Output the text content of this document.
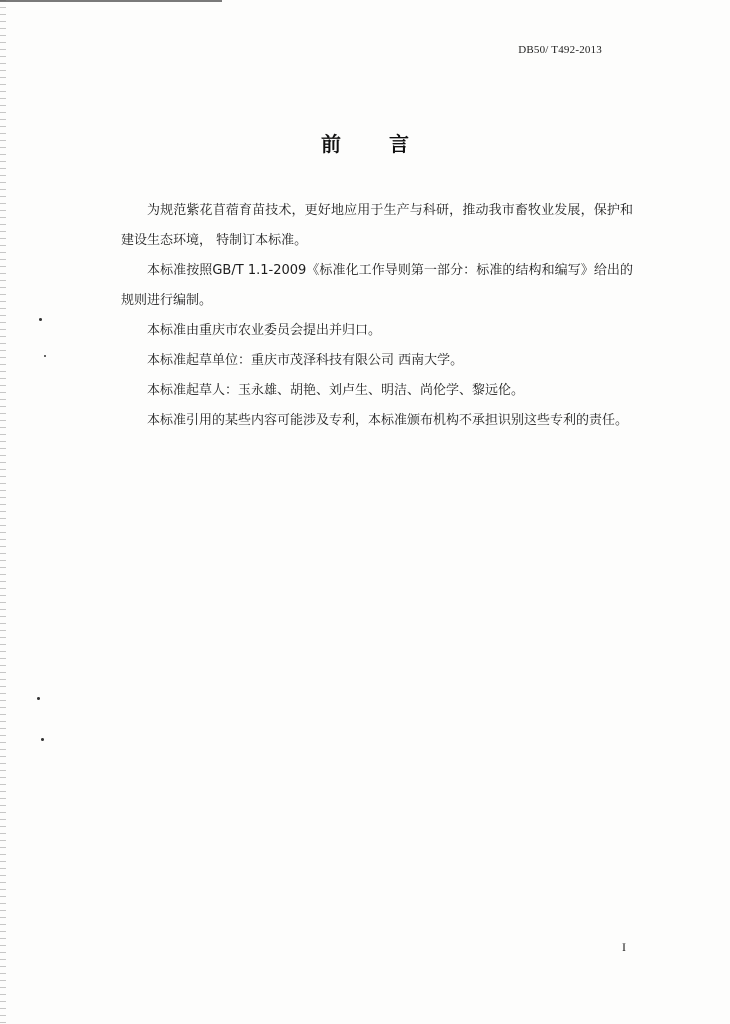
DB50/ T492-2013
前 言

为规范紫花苜蓿育苗技术，更好地应用于生产与科研，推动我市畜牧业发展，保护和建设生态环境， 特制订本标准。

本标准按照GB/T 1.1-2009《标准化工作导则第一部分：标准的结构和编写》给出的规则进行编制。

本标准由重庆市农业委员会提出并归口。

本标准起草单位：重庆市茂泽科技有限公司 西南大学。

本标准起草人：玉永雄、胡艳、刘卢生、明洁、尚伦学、黎远伦。

本标准引用的某些内容可能涉及专利，本标准颁布机构不承担识别这些专利的责任。

I
